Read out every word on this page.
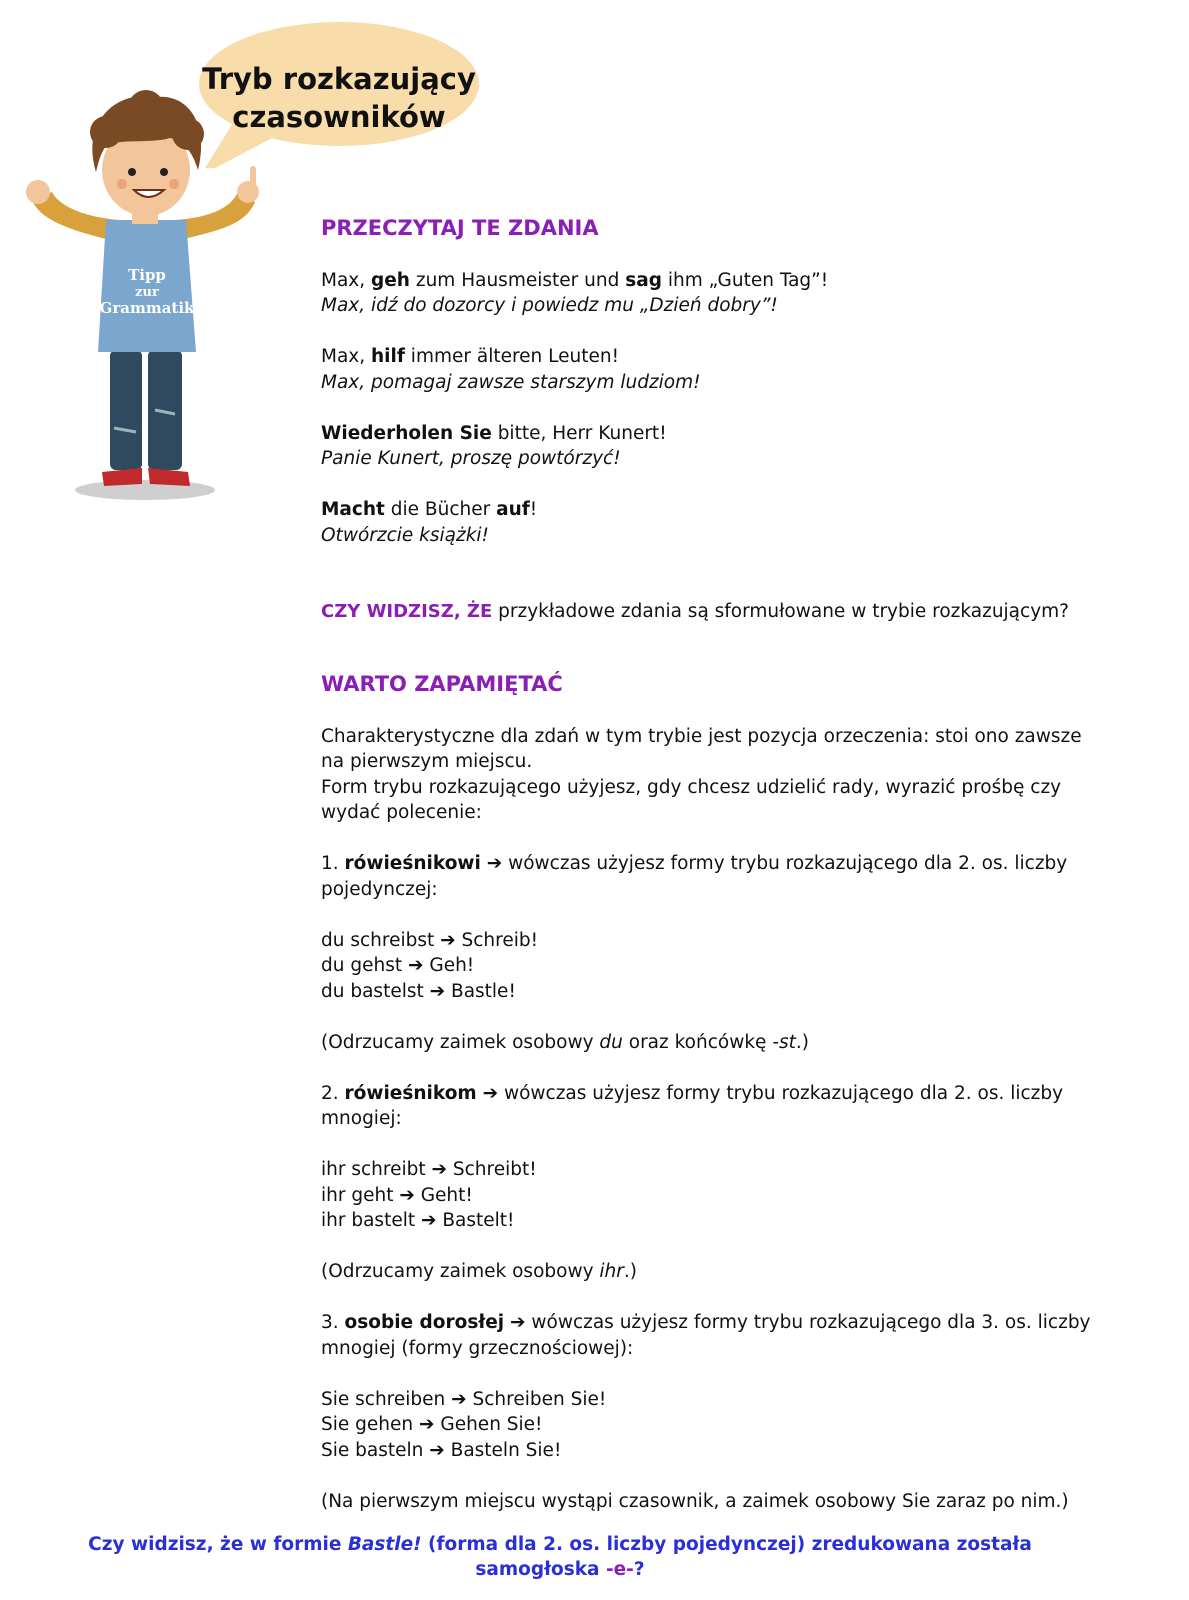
Tryb rozkazujący
czasowników
Tipp
zur
Grammatik

PRZECZYTAJ TE ZDANIA

Max, geh zum Hausmeister und sag ihm „Guten Tag”!

Max, idź do dozorcy i powiedz mu „Dzień dobry”!

Max, hilf immer älteren Leuten!

Max, pomagaj zawsze starszym ludziom!

Wiederholen Sie bitte, Herr Kunert!

Panie Kunert, proszę powtórzyć!

Macht die Bücher auf!

Otwórzcie książki!

CZY WIDZISZ, ŻE przykładowe zdania są sformułowane w trybie rozkazującym?

WARTO ZAPAMIĘTAĆ

Charakterystyczne dla zdań w tym trybie jest pozycja orzeczenia: stoi ono zawsze

na pierwszym miejscu.

Form trybu rozkazującego użyjesz, gdy chcesz udzielić rady, wyrazić prośbę czy

wydać polecenie:

1. rówieśnikowi ➔ wówczas użyjesz formy trybu rozkazującego dla 2. os. liczby

pojedynczej:

du schreibst ➔ Schreib!

du gehst ➔ Geh!

du bastelst ➔ Bastle!

(Odrzucamy zaimek osobowy du oraz końcówkę -st.)

2. rówieśnikom ➔ wówczas użyjesz formy trybu rozkazującego dla 2. os. liczby

mnogiej:

ihr schreibt ➔ Schreibt!

ihr geht ➔ Geht!

ihr bastelt ➔ Bastelt!

(Odrzucamy zaimek osobowy ihr.)

3. osobie dorosłej ➔ wówczas użyjesz formy trybu rozkazującego dla 3. os. liczby

mnogiej (formy grzecznościowej):

Sie schreiben ➔ Schreiben Sie!

Sie gehen ➔ Gehen Sie!

Sie basteln ➔ Basteln Sie!

(Na pierwszym miejscu wystąpi czasownik, a zaimek osobowy Sie zaraz po nim.)

Czy widzisz, że w formie Bastle! (forma dla 2. os. liczby pojedynczej) zredukowana została
samogłoska -e-?
